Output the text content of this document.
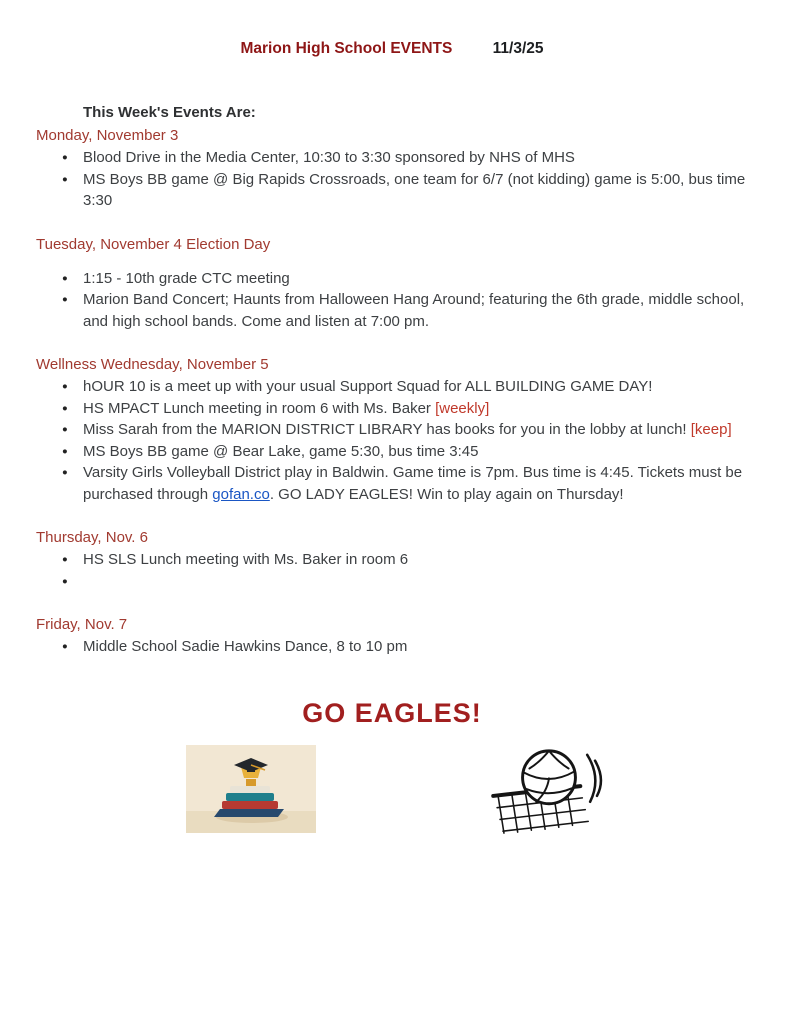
Marion High School EVENTS	11/3/25

This Week's Events Are:

Monday, November 3
● Blood Drive in the Media Center, 10:30 to 3:30 sponsored by NHS of MHS
● MS Boys BB game @ Big Rapids Crossroads, one team for 6/7 (not kidding) game is 5:00, bus time 3:30
Tuesday, November 4 Election Day
● 1:15 - 10th grade CTC meeting
● Marion Band Concert; Haunts from Halloween Hang Around; featuring the 6th grade, middle school, and high school bands. Come and listen at 7:00 pm.
Wellness Wednesday, November 5
● hOUR 10 is a meet up with your usual Support Squad for ALL BUILDING GAME DAY!
● HS MPACT Lunch meeting in room 6 with Ms. Baker [weekly]
● Miss Sarah from the MARION DISTRICT LIBRARY has books for you in the lobby at lunch! [keep]
● MS Boys BB game @ Bear Lake, game 5:30, bus time 3:45
● Varsity Girls Volleyball District play in Baldwin. Game time is 7pm. Bus time is 4:45. Tickets must be purchased through gofan.co. GO LADY EAGLES! Win to play again on Thursday!
Thursday, Nov. 6
● HS SLS Lunch meeting with Ms. Baker in room 6
●
Friday, Nov. 7
● Middle School Sadie Hawkins Dance, 8 to 10 pm
GO EAGLES!
